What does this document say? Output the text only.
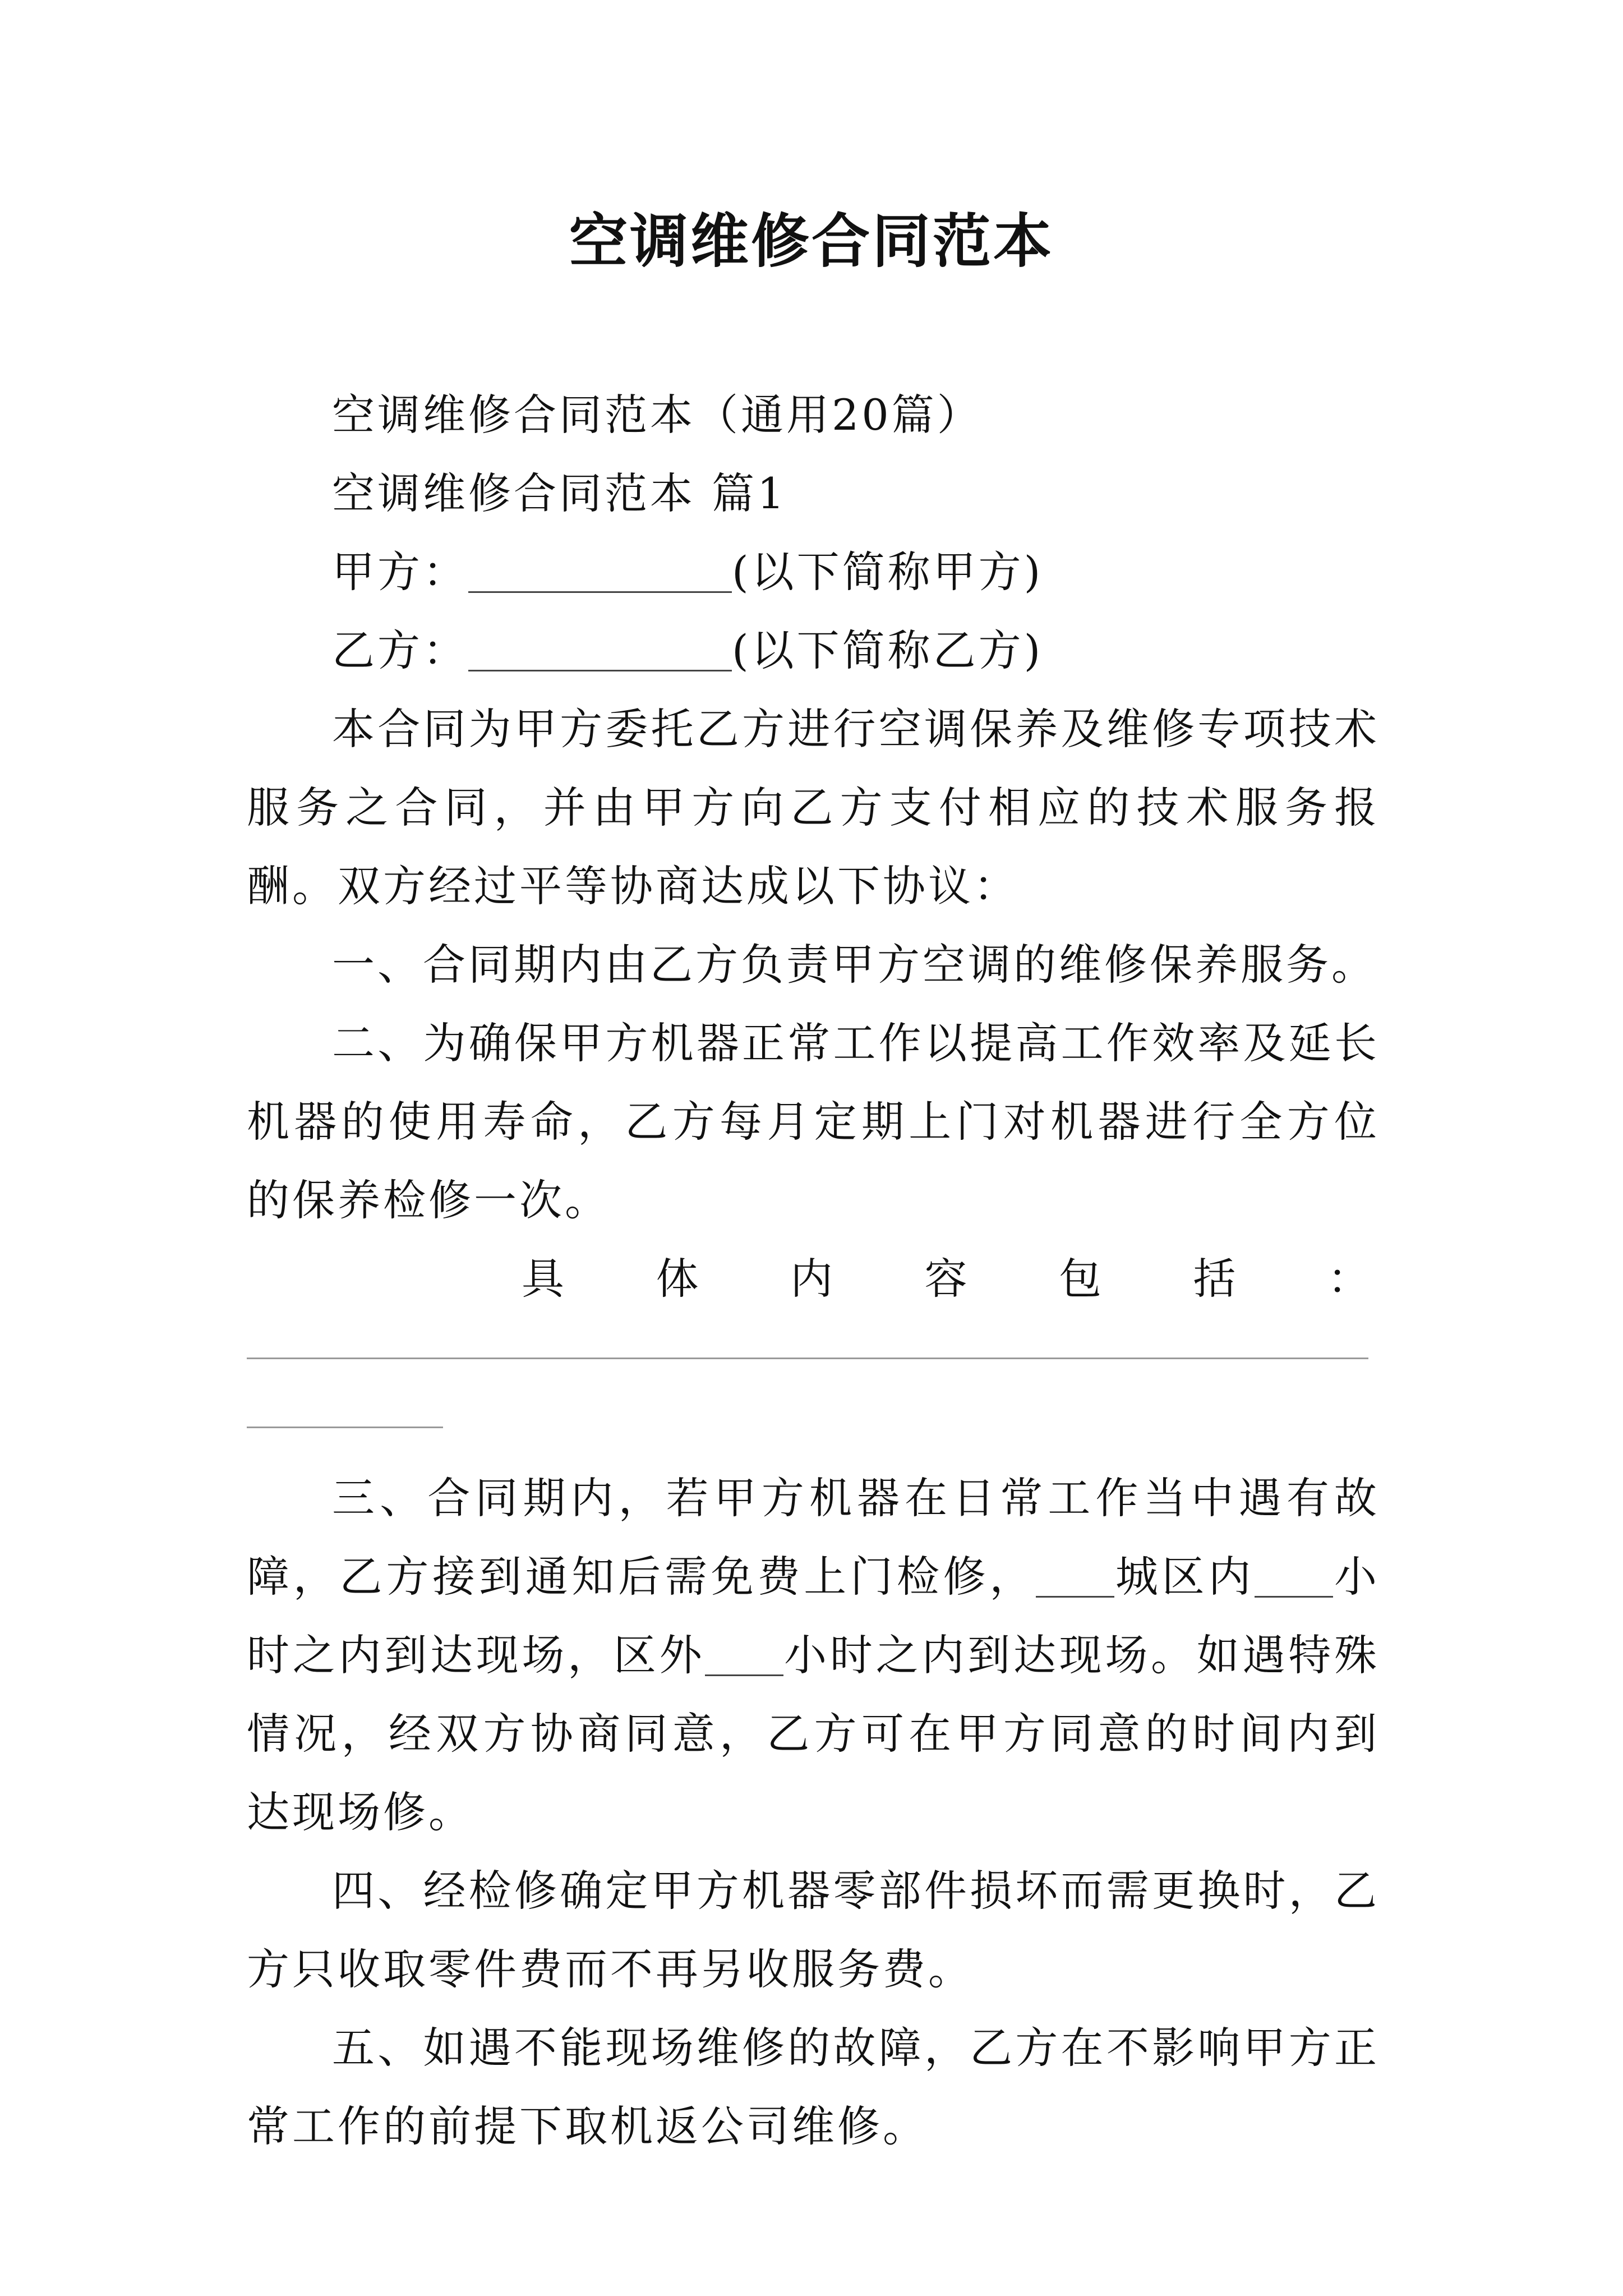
空调维修合同范本

空调维修合同范本（通用20篇）

空调维修合同范本 篇1

甲方：	(以下简称甲方)

乙方：	(以下简称乙方)

本合同为甲方委托乙方进行空调保养及维修专项技术服务之合同，并由甲方向乙方支付相应的技术服务报酬。双方经过平等协商达成以下协议：

一、合同期内由乙方负责甲方空调的维修保养服务。

二、为确保甲方机器正常工作以提高工作效率及延长机器的使用寿命，乙方每月定期上门对机器进行全方位的保养检修一次。

具 体 内 容 包 括 ：

三、合同期内，若甲方机器在日常工作当中遇有故障，乙方接到通知后需免费上门检修， 城区内 小时之内到达现场，区外 小时之内到达现场。如遇特殊情况，经双方协商同意，乙方可在甲方同意的时间内到达现场修。

四、经检修确定甲方机器零部件损坏而需更换时，乙方只收取零件费而不再另收服务费。

五、如遇不能现场维修的故障，乙方在不影响甲方正常工作的前提下取机返公司维修。
